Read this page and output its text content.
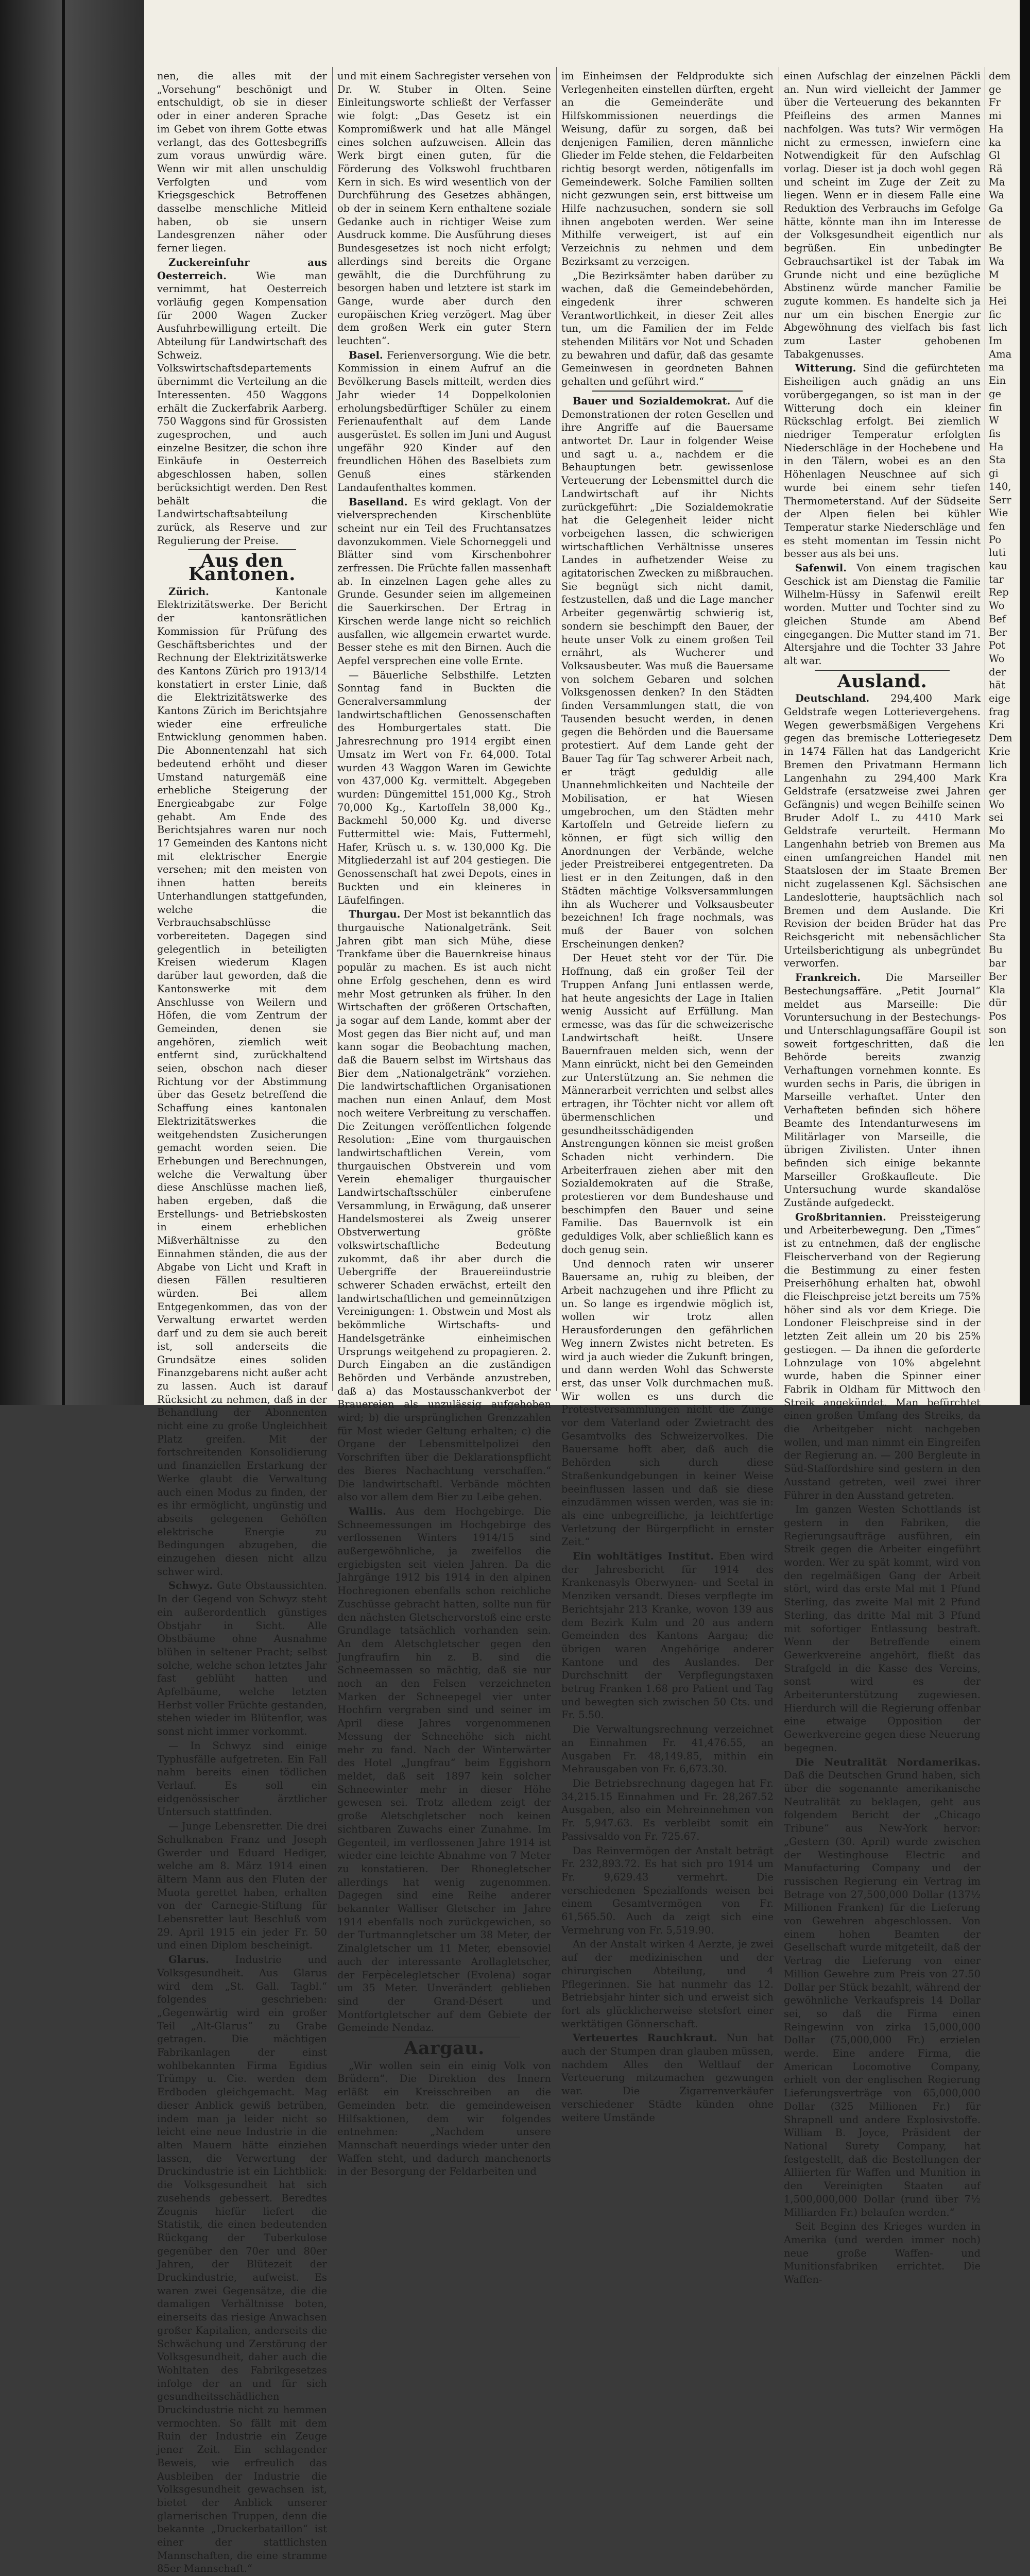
nen, die alles mit der „Vorsehung“ beschönigt und entschuldigt, ob sie in dieser oder in einer anderen Sprache im Gebet von ihrem Gotte etwas verlangt, das des Gottesbegriffs zum voraus unwürdig wäre. Wenn wir mit allen unschuldig Verfolgten und vom Kriegsgeschick Betroffenen dasselbe menschliche Mitleid haben, ob sie unsern Landesgrenzen näher oder ferner liegen.

Zuckereinfuhr aus Oesterreich. Wie man vernimmt, hat Oesterreich vorläufig gegen Kompensation für 2000 Wagen Zucker Ausfuhrbewilligung erteilt. Die Abteilung für Landwirtschaft des Schweiz. Volkswirtschaftsdepartements übernimmt die Verteilung an die Interessenten. 450 Waggons erhält die Zuckerfabrik Aarberg. 750 Waggons sind für Grossisten zugesprochen, und auch einzelne Besitzer, die schon ihre Einkäufe in Oesterreich abgeschlossen haben, sollen berücksichtigt werden. Den Rest behält die Landwirtschaftsabteilung zurück, als Reserve und zur Regulierung der Preise.

Aus den Kantonen.

Zürich. Kantonale Elektrizitätswerke. Der Bericht der kantonsrätlichen Kommission für Prüfung des Geschäftsberichtes und der Rechnung der Elektrizitätswerke des Kantons Zürich pro 1913/14 konstatiert in erster Linie, daß die Elektrizitätswerke des Kantons Zürich im Berichtsjahre wieder eine erfreuliche Entwicklung genommen haben. Die Abonnentenzahl hat sich bedeutend erhöht und dieser Umstand naturgemäß eine erhebliche Steigerung der Energieabgabe zur Folge gehabt. Am Ende des Berichtsjahres waren nur noch 17 Gemeinden des Kantons nicht mit elektrischer Energie versehen; mit den meisten von ihnen hatten bereits Unterhandlungen stattgefunden, welche die Verbrauchsabschlüsse vorbereiteten. Dagegen sind gelegentlich in beteiligten Kreisen wiederum Klagen darüber laut geworden, daß die Kantonswerke mit dem Anschlusse von Weilern und Höfen, die vom Zentrum der Gemeinden, denen sie angehören, ziemlich weit entfernt sind, zurückhaltend seien, obschon nach dieser Richtung vor der Abstimmung über das Gesetz betreffend die Schaffung eines kantonalen Elektrizitätswerkes die weitgehendsten Zusicherungen gemacht worden seien. Die Erhebungen und Berechnungen, welche die Verwaltung über diese Anschlüsse machen ließ, haben ergeben, daß die Erstellungs- und Betriebskosten in einem erheblichen Mißverhältnisse zu den Einnahmen ständen, die aus der Abgabe von Licht und Kraft in diesen Fällen resultieren würden. Bei allem Entgegenkommen, das von der Verwaltung erwartet werden darf und zu dem sie auch bereit ist, soll anderseits die Grundsätze eines soliden Finanzgebarens nicht außer acht zu lassen. Auch ist darauf Rücksicht zu nehmen, daß in der Behandlung der Abonnenten nicht eine zu große Ungleichheit Platz greifen. Mit der fortschreitenden Konsolidierung und finanziellen Erstarkung der Werke glaubt die Verwaltung auch einen Modus zu finden, der es ihr ermöglicht, ungünstig und abseits gelegenen Gehöften elektrische Energie zu Bedingungen abzugeben, die einzugehen diesen nicht allzu schwer wird.

Schwyz. Gute Obstaussichten. In der Gegend von Schwyz steht ein außerordentlich günstiges Obstjahr in Sicht. Alle Obstbäume ohne Ausnahme blühen in seltener Pracht; selbst solche, welche schon letztes Jahr fast geblüht hatten und Apfelbäume, welche letzten Herbst voller Früchte gestanden, stehen wieder im Blütenflor, was sonst nicht immer vorkommt.

— In Schwyz sind einige Typhusfälle aufgetreten. Ein Fall nahm bereits einen tödlichen Verlauf. Es soll ein eidgenössischer ärztlicher Untersuch stattfinden.

— Junge Lebensretter. Die drei Schulknaben Franz und Joseph Gwerder und Eduard Hediger, welche am 8. März 1914 einen ältern Mann aus den Fluten der Muota gerettet haben, erhalten von der Carnegie-Stiftung für Lebensretter laut Beschluß vom 29. April 1915 ein jeder Fr. 50 und einen Diplom bescheinigt.

Glarus. Industrie und Volksgesundheit. Aus Glarus wird dem „St. Gall. Tagbl.“ folgendes geschrieben: „Gegenwärtig wird ein großer Teil „Alt-Glarus“ zu Grabe getragen. Die mächtigen Fabrikanlagen der einst wohlbekannten Firma Egidius Trümpy u. Cie. werden dem Erdboden gleichgemacht. Mag dieser Anblick gewiß betrüben, indem man ja leider nicht so leicht eine neue Industrie in die alten Mauern hätte einziehen lassen, die Verwertung der Druckindustrie ist ein Lichtblick: die Volksgesundheit hat sich zusehends gebessert. Beredtes Zeugnis hiefür liefert die Statistik, die einen bedeutenden Rückgang der Tuberkulose gegenüber den 70er und 80er Jahren, der Blütezeit der Druckindustrie, aufweist. Es waren zwei Gegensätze, die die damaligen Verhältnisse boten, einerseits das riesige Anwachsen großer Kapitalien, anderseits die Schwächung und Zerstörung der Volksgesundheit, daher auch die Wohltaten des Fabrikgesetzes infolge der an und für sich gesundheitsschädlichen Druckindustrie nicht zu hemmen vermochten. So fällt mit dem Ruin der Industrie ein Zeuge jener Zeit. Ein schlagender Beweis, wie erfreulich das Ausbleiben der Industrie die Volksgesundheit gewachsen ist, bietet der Anblick unserer glarnerischen Truppen, denn die bekannte „Druckerbataillon“ ist einer der stattlichsten Mannschaften, die eine stramme 85er Mannschaft.“

und mit einem Sachregister versehen von Dr. W. Stuber in Olten. Seine Einleitungsworte schließt der Verfasser wie folgt: „Das Gesetz ist ein Kompromißwerk und hat alle Mängel eines solchen aufzuweisen. Allein das Werk birgt einen guten, für die Förderung des Volkswohl fruchtbaren Kern in sich. Es wird wesentlich von der Durchführung des Gesetzes abhängen, ob der in seinem Kern enthaltene soziale Gedanke auch in richtiger Weise zum Ausdruck komme. Die Ausführung dieses Bundesgesetzes ist noch nicht erfolgt; allerdings sind bereits die Organe gewählt, die die Durchführung zu besorgen haben und letztere ist stark im Gange, wurde aber durch den europäischen Krieg verzögert. Mag über dem großen Werk ein guter Stern leuchten“.

Basel. Ferienversorgung. Wie die betr. Kommission in einem Aufruf an die Bevölkerung Basels mitteilt, werden dies Jahr wieder 14 Doppelkolonien erholungsbedürftiger Schüler zu einem Ferienaufenthalt auf dem Lande ausgerüstet. Es sollen im Juni und August ungefähr 920 Kinder auf den freundlichen Höhen des Baselbiets zum Genuß eines stärkenden Landaufenthaltes kommen.

Baselland. Es wird geklagt. Von der vielversprechenden Kirschenblüte scheint nur ein Teil des Fruchtansatzes davonzukommen. Viele Schorneggeli und Blätter sind vom Kirschenbohrer zerfressen. Die Früchte fallen massenhaft ab. In einzelnen Lagen gehe alles zu Grunde. Gesunder seien im allgemeinen die Sauerkirschen. Der Ertrag in Kirschen werde lange nicht so reichlich ausfallen, wie allgemein erwartet wurde. Besser stehe es mit den Birnen. Auch die Aepfel versprechen eine volle Ernte.

— Bäuerliche Selbsthilfe. Letzten Sonntag fand in Buckten die Generalversammlung der landwirtschaftlichen Genossenschaften des Homburgertales statt. Die Jahresrechnung pro 1914 ergibt einen Umsatz im Wert von Fr. 64,000. Total wurden 43 Waggon Waren im Gewichte von 437,000 Kg. vermittelt. Abgegeben wurden: Düngemittel 151,000 Kg., Stroh 70,000 Kg., Kartoffeln 38,000 Kg., Backmehl 50,000 Kg. und diverse Futtermittel wie: Mais, Futtermehl, Hafer, Krüsch u. s. w. 130,000 Kg. Die Mitgliederzahl ist auf 204 gestiegen. Die Genossenschaft hat zwei Depots, eines in Buckten und ein kleineres in Läufelfingen.

Thurgau. Der Most ist bekanntlich das thurgauische Nationalgetränk. Seit Jahren gibt man sich Mühe, diese Trankfame über die Bauernkreise hinaus populär zu machen. Es ist auch nicht ohne Erfolg geschehen, denn es wird mehr Most getrunken als früher. In den Wirtschaften der größeren Ortschaften, ja sogar auf dem Lande, kommt aber der Most gegen das Bier nicht auf, und man kann sogar die Beobachtung machen, daß die Bauern selbst im Wirtshaus das Bier dem „Nationalgetränk“ vorziehen. Die landwirtschaftlichen Organisationen machen nun einen Anlauf, dem Most noch weitere Verbreitung zu verschaffen. Die Zeitungen veröffentlichen folgende Resolution: „Eine vom thurgauischen landwirtschaftlichen Verein, vom thurgauischen Obstverein und vom Verein ehemaliger thurgauischer Landwirtschaftsschüler einberufene Versammlung, in Erwägung, daß unserer Handelsmosterei als Zweig unserer Obstverwertung größte volkswirtschaftliche Bedeutung zukommt, daß ihr aber durch die Uebergriffe der Brauereiindustrie schwerer Schaden erwächst, erteilt den landwirtschaftlichen und gemeinnützigen Vereinigungen: 1. Obstwein und Most als bekömmliche Wirtschafts- und Handelsgetränke einheimischen Ursprungs weitgehend zu propagieren. 2. Durch Eingaben an die zuständigen Behörden und Verbände anzustreben, daß a) das Mostausschankverbot der Brauereien als unzulässig aufgehoben wird; b) die ursprünglichen Grenzzahlen für Most wieder Geltung erhalten; c) die Organe der Lebensmittelpolizei den Vorschriften über die Deklarationspflicht des Bieres Nachachtung verschaffen.“ Die landwirtschaftl. Verbände möchten also vor allem dem Bier zu Leibe gehen.

Wallis. Aus dem Hochgebirge. Die Schneemessungen im Hochgebirge des verflossenen Winters 1914/15 sind außergewöhnliche, ja zweifellos die ergiebigsten seit vielen Jahren. Da die Jahrgänge 1912 bis 1914 in den alpinen Hochregionen ebenfalls schon reichliche Zuschüsse gebracht hatten, sollte nun für den nächsten Gletschervorstoß eine erste Grundlage tatsächlich vorhanden sein. An dem Aletschgletscher gegen den Jungfraufirn hin z. B. sind die Schneemassen so mächtig, daß sie nur noch an den Felsen verzeichneten Marken der Schneepegel vier unter Hochfirn vergraben sind und seiner im April diese Jahres vorgenommenen Messung der Schneehöhe sich nicht mehr zu fand. Nach der Winterwärter des Hotel „Jungfrau“ beim Eggishorn meldet, daß seit 1897 kein solcher Schneewinter mehr in dieser Höhe gewesen sei. Trotz alledem zeigt der große Aletschgletscher noch keinen sichtbaren Zuwachs einer Zunahme. Im Gegenteil, im verflossenen Jahre 1914 ist wieder eine leichte Abnahme von 7 Meter zu konstatieren. Der Rhonegletscher allerdings hat wenig zugenommen. Dagegen sind eine Reihe anderer bekannter Walliser Gletscher im Jahre 1914 ebenfalls noch zurückgewichen, so der Turtmanngletscher um 38 Meter, der Zinalgletscher um 11 Meter, ebensoviel auch der interessante Arollagletscher, der Ferpècelegletscher (Evolena) sogar um 35 Meter. Unverändert geblieben sind der Grand-Désert und Montfortgletscher auf dem Gebiete der Gemeinde Nendaz.

Aargau.

„Wir wollen sein ein einig Volk von Brüdern“. Die Direktion des Innern erläßt ein Kreisschreiben an die Gemeinden betr. die gemeindeweisen Hilfsaktionen, dem wir folgendes entnehmen: „Nachdem unsere Mannschaft neuerdings wieder unter den Waffen steht, und dadurch manchenorts in der Besorgung der Feldarbeiten und

im Einheimsen der Feldprodukte sich Verlegenheiten einstellen dürften, ergeht an die Gemeinderäte und Hilfskommissionen neuerdings die Weisung, dafür zu sorgen, daß bei denjenigen Familien, deren männliche Glieder im Felde stehen, die Feldarbeiten richtig besorgt werden, nötigenfalls im Gemeindewerk. Solche Familien sollten nicht gezwungen sein, erst bittweise um Hilfe nachzusuchen, sondern sie soll ihnen angeboten werden. Wer seine Mithilfe verweigert, ist auf ein Verzeichnis zu nehmen und dem Bezirksamt zu verzeigen.

„Die Bezirksämter haben darüber zu wachen, daß die Gemeindebehörden, eingedenk ihrer schweren Verantwortlichkeit, in dieser Zeit alles tun, um die Familien der im Felde stehenden Militärs vor Not und Schaden zu bewahren und dafür, daß das gesamte Gemeinwesen in geordneten Bahnen gehalten und geführt wird.“

Bauer und Sozialdemokrat. Auf die Demonstrationen der roten Gesellen und ihre Angriffe auf die Bauersame antwortet Dr. Laur in folgender Weise und sagt u. a., nachdem er die Behauptungen betr. gewissenlose Verteuerung der Lebensmittel durch die Landwirtschaft auf ihr Nichts zurückgeführt: „Die Sozialdemokratie hat die Gelegenheit leider nicht vorbeigehen lassen, die schwierigen wirtschaftlichen Verhältnisse unseres Landes in aufhetzender Weise zu agitatorischen Zwecken zu mißbrauchen. Sie begnügt sich nicht damit, festzustellen, daß und die Lage mancher Arbeiter gegenwärtig schwierig ist, sondern sie beschimpft den Bauer, der heute unser Volk zu einem großen Teil ernährt, als Wucherer und Volksausbeuter. Was muß die Bauersame von solchem Gebaren und solchen Volksgenossen denken? In den Städten finden Versammlungen statt, die von Tausenden besucht werden, in denen gegen die Behörden und die Bauersame protestiert. Auf dem Lande geht der Bauer Tag für Tag schwerer Arbeit nach, er trägt geduldig alle Unannehmlichkeiten und Nachteile der Mobilisation, er hat Wiesen umgebrochen, um den Städten mehr Kartoffeln und Getreide liefern zu können, er fügt sich willig den Anordnungen der Verbände, welche jeder Preistreiberei entgegentreten. Da liest er in den Zeitungen, daß in den Städten mächtige Volksversammlungen ihn als Wucherer und Volksausbeuter bezeichnen! Ich frage nochmals, was muß der Bauer von solchen Erscheinungen denken?

Der Heuet steht vor der Tür. Die Hoffnung, daß ein großer Teil der Truppen Anfang Juni entlassen werde, hat heute angesichts der Lage in Italien wenig Aussicht auf Erfüllung. Man ermesse, was das für die schweizerische Landwirtschaft heißt. Unsere Bauernfrauen melden sich, wenn der Mann einrückt, nicht bei den Gemeinden zur Unterstützung an. Sie nehmen die Männerarbeit verrichten und selbst alles ertragen, ihr Töchter nicht vor allem oft übermenschlichen und gesundheitsschädigenden Anstrengungen können sie meist großen Schaden nicht verhindern. Die Arbeiterfrauen ziehen aber mit den Sozialdemokraten auf die Straße, protestieren vor dem Bundeshause und beschimpfen den Bauer und seine Familie. Das Bauernvolk ist ein geduldiges Volk, aber schließlich kann es doch genug sein.

Und dennoch raten wir unserer Bauersame an, ruhig zu bleiben, der Arbeit nachzugehen und ihre Pflicht zu un. So lange es irgendwie möglich ist, wollen wir trotz allen Herausforderungen den gefährlichen Weg innern Zwistes nicht betreten. Es wird ja auch wieder die Zukunft bringen, und dann werden Wohl das Schwerste erst, das unser Volk durchmachen muß. Wir wollen es uns durch die Protestversammlungen nicht die Zunge vor dem Vaterland oder Zwietracht des Gesamtvolks des Schweizervolkes. Die Bauersame hofft aber, daß auch die Behörden sich durch diese Straßenkundgebungen in keiner Weise beeinflussen lassen und daß sie diese einzudämmen wissen werden, was sie in: als eine unbegreifliche, ja leichtfertige Verletzung der Bürgerpflicht in ernster Zeit.“

Ein wohltätiges Institut. Eben wird der Jahresbericht für 1914 des Krankenasyls Oberwynen- und Seetal in Menziken versandt. Dieses verpflegte im Berichtsjahr 213 Kranke, wovon 139 aus dem Bezirk Kulm und 20 aus andern Gemeinden des Kantons Aargau; die übrigen waren Angehörige anderer Kantone und des Auslandes. Der Durchschnitt der Verpflegungstaxen betrug Franken 1.68 pro Patient und Tag und bewegten sich zwischen 50 Cts. und Fr. 5.50.

Die Verwaltungsrechnung verzeichnet an Einnahmen Fr. 41,476.55, an Ausgaben Fr. 48,149.85, mithin ein Mehrausgaben von Fr. 6,673.30.

Die Betriebsrechnung dagegen hat Fr. 34,215.15 Einnahmen und Fr. 28,267.52 Ausgaben, also ein Mehreinnehmen von Fr. 5,947.63. Es verbleibt somit ein Passivsaldo von Fr. 725.67.

Das Reinvermögen der Anstalt beträgt Fr. 232,893.72. Es hat sich pro 1914 um Fr. 9,629.43 vermehrt. Die verschiedenen Spezialfonds weisen bei einem Gesamtvermögen von Fr. 61,565.50. Auch da zeigt sich eine Vermehrung von Fr. 5,519.90.

An der Anstalt wirken 4 Aerzte, je zwei auf der medizinischen und der chirurgischen Abteilung, und 4 Pflegerinnen. Sie hat nunmehr das 12. Betriebsjahr hinter sich und erweist sich fort als glücklicherweise stetsfort einer werktätigen Gönnerschaft.

Verteuertes Rauchkraut. Nun hat auch der Stumpen dran glauben müssen, nachdem Alles den Weltlauf der Verteuerung mitzumachen gezwungen war. Die Zigarrenverkäufer verschiedener Städte künden ohne weitere Umstände

einen Aufschlag der einzelnen Päckli an. Nun wird vielleicht der Jammer über die Verteuerung des bekannten Pfeifleins des armen Mannes nachfolgen. Was tuts? Wir vermögen nicht zu ermessen, inwiefern eine Notwendigkeit für den Aufschlag vorlag. Dieser ist ja doch wohl gegen und scheint im Zuge der Zeit zu liegen. Wenn er in diesem Falle eine Reduktion des Verbrauchs im Gefolge hätte, könnte man ihn im Interesse der Volksgesundheit eigentlich nur begrüßen. Ein unbedingter Gebrauchsartikel ist der Tabak im Grunde nicht und eine bezügliche Abstinenz würde mancher Familie zugute kommen. Es handelte sich ja nur um ein bischen Energie zur Abgewöhnung des vielfach bis fast zum Laster gehobenen Tabakgenusses.

Witterung. Sind die gefürchteten Eisheiligen auch gnädig an uns vorübergegangen, so ist man in der Witterung doch ein kleiner Rückschlag erfolgt. Bei ziemlich niedriger Temperatur erfolgten Niederschläge in der Hochebene und in den Tälern, wobei es an den Höhenlagen Neuschnee auf sich wurde bei einem sehr tiefen Thermometerstand. Auf der Südseite der Alpen fielen bei kühler Temperatur starke Niederschläge und es steht momentan im Tessin nicht besser aus als bei uns.

Safenwil. Von einem tragischen Geschick ist am Dienstag die Familie Wilhelm-Hüssy in Safenwil ereilt worden. Mutter und Tochter sind zu gleichen Stunde am Abend eingegangen. Die Mutter stand im 71. Altersjahre und die Tochter 33 Jahre alt war.

Ausland.

Deutschland. 294,400 Mark Geldstrafe wegen Lotterievergehens. Wegen gewerbsmäßigen Vergehens gegen das bremische Lotteriegesetz in 1474 Fällen hat das Landgericht Bremen den Privatmann Hermann Langenhahn zu 294,400 Mark Geldstrafe (ersatzweise zwei Jahren Gefängnis) und wegen Beihilfe seinen Bruder Adolf L. zu 4410 Mark Geldstrafe verurteilt. Hermann Langenhahn betrieb von Bremen aus einen umfangreichen Handel mit Staatslosen der im Staate Bremen nicht zugelassenen Kgl. Sächsischen Landeslotterie, hauptsächlich nach Bremen und dem Auslande. Die Revision der beiden Brüder hat das Reichsgericht mit nebensächlicher Urteilsberichtigung als unbegründet verworfen.

Frankreich. Die Marseiller Bestechungsaffäre. „Petit Journal“ meldet aus Marseille: Die Voruntersuchung in der Bestechungs- und Unterschlagungsaffäre Goupil ist soweit fortgeschritten, daß die Behörde bereits zwanzig Verhaftungen vornehmen konnte. Es wurden sechs in Paris, die übrigen in Marseille verhaftet. Unter den Verhafteten befinden sich höhere Beamte des Intendanturwesens im Militärlager von Marseille, die übrigen Zivilisten. Unter ihnen befinden sich einige bekannte Marseiller Großkaufleute. Die Untersuchung wurde skandalöse Zustände aufgedeckt.

Großbritannien. Preissteigerung und Arbeiterbewegung. Den „Times“ ist zu entnehmen, daß der englische Fleischerverband von der Regierung die Bestimmung zu einer festen Preiserhöhung erhalten hat, obwohl die Fleischpreise jetzt bereits um 75% höher sind als vor dem Kriege. Die Londoner Fleischpreise sind in der letzten Zeit allein um 20 bis 25% gestiegen. — Da ihnen die geforderte Lohnzulage von 10% abgelehnt wurde, haben die Spinner einer Fabrik in Oldham für Mittwoch den Streik angekündet. Man befürchtet einen großen Umfang des Streiks, da die Arbeitgeber nicht nachgeben wollen, und man nimmt ein Eingreifen der Regierung an. — 200 Bergleute in Süd-Staffordshire sind gestern in den Ausstand getreten, weil zwei ihrer Führer in den Ausstand getreten.

Im ganzen Westen Schottlands ist gestern in den Fabriken, die Regierungsaufträge ausführen, ein Streik gegen die Arbeiter eingeführt worden. Wer zu spät kommt, wird von den regelmäßigen Gang der Arbeit stört, wird das erste Mal mit 1 Pfund Sterling, das zweite Mal mit 2 Pfund Sterling, das dritte Mal mit 3 Pfund mit sofortiger Entlassung bestraft. Wenn der Betreffende einem Gewerkvereine angehört, fließt das Strafgeld in die Kasse des Vereins, sonst wird es der Arbeiterunterstützung zugewiesen. Hierdurch will die Regierung offenbar eine etwaige Opposition der Gewerkvereine gegen diese Neuerung begegnen.

Die Neutralität Nordamerikas. Daß die Deutschen Grund haben, sich über die sogenannte amerikanische Neutralität zu beklagen, geht aus folgendem Bericht der „Chicago Tribune“ aus New-York hervor: „Gestern (30. April) wurde zwischen der Westinghouse Electric and Manufacturing Company und der russischen Regierung ein Vertrag im Betrage von 27,500,000 Dollar (137½ Millionen Franken) für die Lieferung von Gewehren abgeschlossen. Von einem hohen Beamten der Gesellschaft wurde mitgeteilt, daß der Vertrag die Lieferung von einer Million Gewehre zum Preis von 27.50 Dollar per Stück bezahlt, während der gewöhnliche Verkaufspreis 14 Dollar sei, so daß die Firma einen Reingewinn von zirka 15,000,000 Dollar (75,000,000 Fr.) erzielen werde. Eine andere Firma, die American Locomotive Company, erhielt von der englischen Regierung Lieferungsverträge von 65,000,000 Dollar (325 Millionen Fr.) für Shrapnell und andere Explosivstoffe. William B. Joyce, Präsident der National Surety Company, hat festgestellt, daß die Bestellungen der Alliierten für Waffen und Munition in den Vereinigten Staaten auf 1,500,000,000 Dollar (rund über 7½ Milliarden Fr.) belaufen werden.“

Seit Beginn des Krieges wurden in Amerika (und werden immer noch) neue große Waffen- und Munitionsfabriken errichtet. Die Waffen-

dem
ge
Fr
mi
Ha
ka
Gl
Rä
Ma
Wa
Ga
de
als
Be
Wa
M
be
Hei
fic
lich
Im
Ama
ma
Ein
ge
fin
W
fis
Ha
Sta
gi
140,
Serr
Wie
fen
Po
luti
kau
tar
Rep
Wo
Bef
Ber
Pot
Wo
der
hät
eige
frag
Kri
Dem
Krie
lich
Kra
ger
Wo
sei
Mo
Ma
nen
Ber
ane
sol
Kri
Pre
Sta
Bu
bar
Ber
Kla
dür
Pos
son
len
